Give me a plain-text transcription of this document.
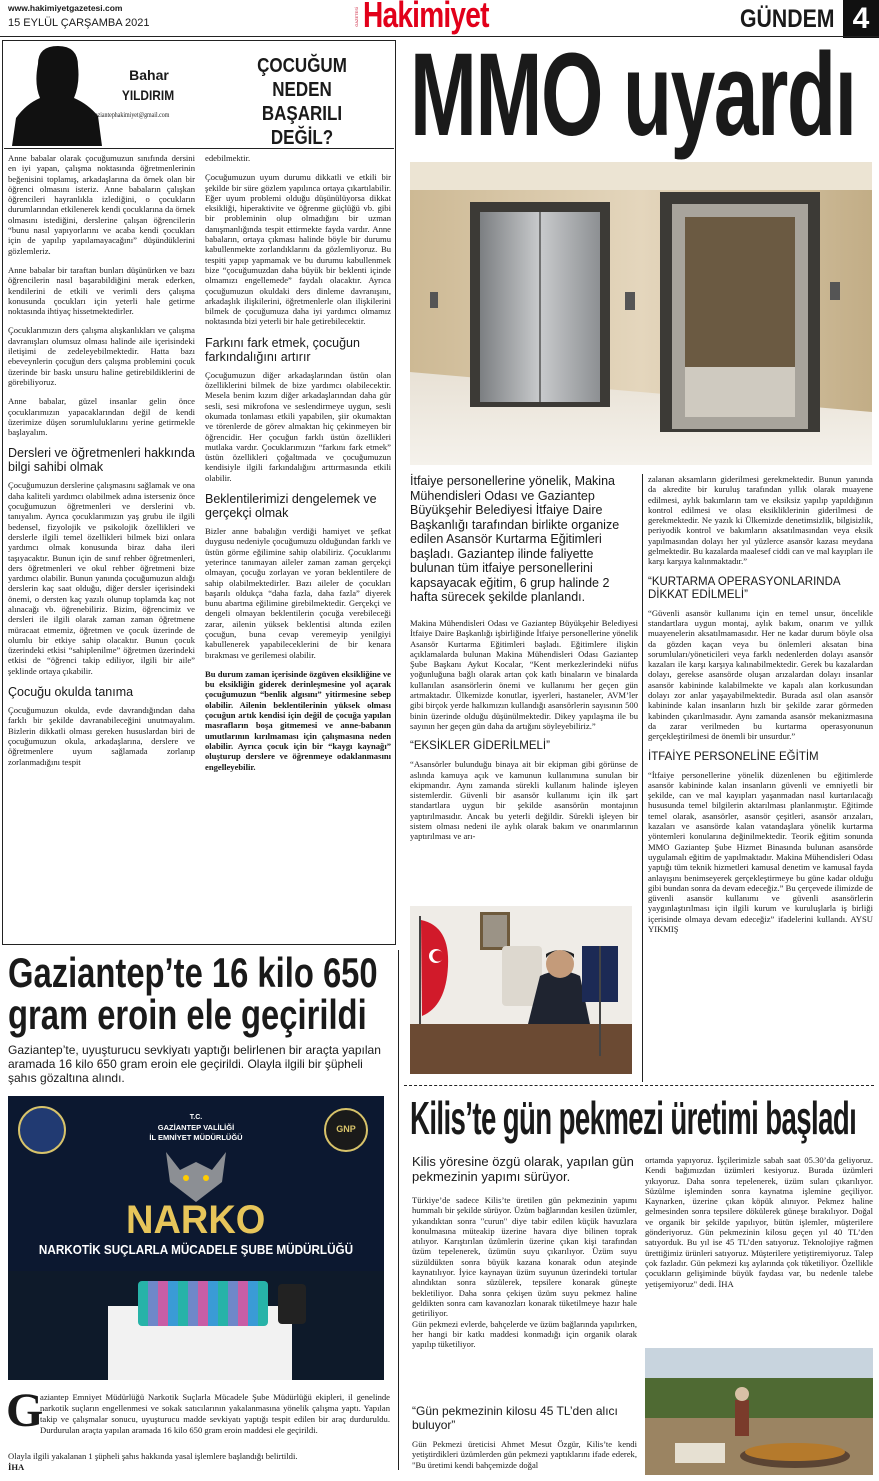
www.hakimiyetgazetesi.com
15 EYLÜL ÇARŞAMBA 2021	GAZETESİ Hakimiyet	GÜNDEM 4
Bahar
YILDIRIM
gaziantephakimiyet@gmail.com
ÇOCUĞUM NEDEN BAŞARILI DEĞİL?

Anne babalar olarak çocuğumuzun sınıfında dersini en iyi yapan, çalışma noktasında öğretmenlerinin beğenisini toplamış, arkadaşlarına da örnek olan bir öğrenci olmasını isteriz. Anne babaların çalışkan öğrencileri hayranlıkla izlediğini, o çocukların durumlarından etkilenerek kendi çocuklarına da örnek olmasını istediğini, derslerine çalışan öğrencilerin “bunu nasıl yapıyorlarını ve acaba kendi çocukları için de yapılıp yapılamayacağını” düşündüklerini gözlemleriz.

Anne babalar bir taraftan bunları düşünürken ve bazı öğrencilerin nasıl başarabildiğini merak ederken, kendilerini de etkili ve verimli ders çalışma konusunda çocukları için yeterli hale getirme noktasında ihtiyaç hissetmektedirler.

Çocuklarımızın ders çalışma alışkanlıkları ve çalışma davranışları olumsuz olması halinde aile içerisindeki iletişimi de zedeleyebilmektedir. Hatta bazı ebeveynlerin çocuğun ders çalışma problemini çocuk üzerinde bir baskı unsuru haline getirebildiklerini de görebiliyoruz.

Anne babalar, güzel insanlar gelin önce çocuklarımızın yapacaklarından değil de kendi üzerimize düşen sorumluluklarını yerine getirmekle başlayalım.

Dersleri ve öğretmenleri hakkında bilgi sahibi olmak

Çocuğumuzun derslerine çalışmasını sağlamak ve ona daha kaliteli yardımcı olabilmek adına isterseniz önce çocuğumuzun öğretmenleri ve derslerini vb. tanıyalım. Ayrıca çocuklarımızın yaş grubu ile ilgili bedensel, fizyolojik ve psikolojik özellikleri ve derslerle ilgili temel özellikleri bilmek bizi onlara yardımcı olmak konusunda biraz daha ileri taşıyacaktır. Bunun için de sınıf rehber öğretmenleri, ders öğretmenleri ve okul rehber öğretmeni bize yardımcı olabilir. Bunun yanında çocuğumuzun aldığı derslerin kaç saat olduğu, diğer dersler içerisindeki önemi, o dersten kaç yazılı olunup toplamda kaç not alınacağı vb. öğrenebiliriz. Bizim, öğrencimiz ve dersleri ile ilgili olarak zaman zaman öğretmene müracaat etmemiz, öğretmen ve çocuk üzerinde de olumlu bir etkiye sahip olacaktır. Bunun çocuk üzerindeki etkisi “sahiplenilme” öğretmen üzerindeki etkisi de “öğrenci takip ediliyor, ilgili bir aile” şeklinde ortaya çıkabilir.

Çocuğu okulda tanıma

Çocuğumuzun okulda, evde davrandığından daha farklı bir şekilde davranabileceğini unutmayalım. Bizlerin dikkatli olması gereken hususlardan biri de çocuğumuzun okula, arkadaşlarına, derslere ve öğretmenlere uyum sağlamada zorlanıp zorlanmadığını tespit

edebilmektir.

Çocuğumuzun uyum durumu dikkatli ve etkili bir şekilde bir süre gözlem yapılınca ortaya çıkartılabilir. Eğer uyum problemi olduğu düşünülüyorsa dikkat eksikliği, hiperaktivite ve öğrenme güçlüğü vb. gibi bir probleminin olup olmadığını bir uzman danışmanlığında tespit ettirmekte fayda vardır. Anne babaların, ortaya çıkması halinde böyle bir durumu kabullenmekte zorlandıklarını da gözlemliyoruz. Bu tespiti yapıp yapmamak ve bu durumu kabullenmek bize “çocuğumuzdan daha büyük bir beklenti içinde olmamızı engellemede” faydalı olacaktır. Ayrıca çocuğumuzun okuldaki ders dinleme davranışını, arkadaşlık ilişkilerini, öğretmenlerle olan ilişkilerini bilmek de çocuğumuza daha iyi yardımcı olmamız noktasında bizi yeterli bir hale getirebilecektir.

Farkını fark etmek, çocuğun farkındalığını artırır

Çocuğumuzun diğer arkadaşlarından üstün olan özelliklerini bilmek de bize yardımcı olabilecektir. Mesela benim kızım diğer arkadaşlarından daha gür sesli, sesi mikrofona ve seslendirmeye uygun, sesli okumada tonlaması etkili yapabilen, şiir okumaktan ve törenlerde de görev almaktan hiç çekinmeyen bir öğrencidir. Her çocuğun farklı üstün özellikleri mutlaka vardır. Çocuklarımızın “farkını fark etmek” üstün özellikleri çoğaltmada ve çocuğumuzun kendisiyle ilgili farkındalığını arttırmasında etkili olabilir.

Beklentilerimizi dengelemek ve gerçekçi olmak

Bizler anne babalığın verdiği hamiyet ve şefkat duygusu nedeniyle çocuğumuzu olduğundan farklı ve üstün görme eğilimine sahip olabiliriz. Çocuklarımı yeterince tanımayan aileler zaman zaman gerçekçi olmayan, çocuğu zorlayan ve yoran beklentilere de sahip olabilmektedirler. Bazı aileler de çocukları başarılı oldukça “daha fazla, daha fazla” diyerek bunu abartma eğilimine girebilmektedir. Gerçekçi ve dengeli olmayan beklentilerin çocuğa verebileceği zarar, ailenin yüksek beklentisi altında ezilen çocuğun, buna cevap veremeyip yenilgiyi kabullenerek yapabileceklerini de bir kenara bırakması ve gerilemesi olabilir.

Bu durum zaman içerisinde özgüven eksikliğine ve bu eksikliğin giderek derinleşmesine yol açarak çocuğumuzun “benlik algısını” yitirmesine sebep olabilir. Ailenin beklentilerinin yüksek olması çocuğun artık kendisi için değil de çocuğa yapılan masrafların boşa gitmemesi ve anne-babanın umutlarının kırılmaması için çalışmasına neden olabilir. Ayrıca çocuk için bir “kaygı kaynağı” oluşturup derslere ve öğrenmeye odaklanmasını engelleyebilir.

MMO uyardı
İtfaiye personellerine yönelik, Makina Mühendisleri Odası ve Gaziantep Büyükşehir Belediyesi İtfaiye Daire Başkanlığı tarafından birlikte organize edilen Asansör Kurtarma Eğitimleri başladı. Gaziantep ilinde faliyette bulunan tüm itfaiye personellerini kapsayacak eğitim, 6 grup halinde 2 hafta sürecek şekilde planlandı.

Makina Mühendisleri Odası ve Gaziantep Büyükşehir Belediyesi İtfaiye Daire Başkanlığı işbirliğinde İtfaiye personellerine yönelik Asansör Kurtarma Eğitimleri başladı. Eğitimlere ilişkin açıklamalarda bulunan Makina Mühendisleri Odası Gaziantep Şube Başkanı Aykut Kocalar, “Kent merkezlerindeki nüfus yoğunluğuna bağlı olarak artan çok katlı binaların ve binalarda kullanılan asansörlerin önemi ve kullanımı her geçen gün artmaktadır. Ülkemizde konutlar, işyerleri, hastaneler, AVM’ler gibi birçok yerde halkımızın kullandığı asansörlerin sayısının 500 binin üzerinde olduğu düşünülmektedir. Dikey yapılaşma ile bu sayının her geçen gün daha da artığını söyleyebiliriz.”

“EKSİKLER GİDERİLMELİ”

“Asansörler bulunduğu binaya ait bir ekipman gibi görünse de aslında kamuya açık ve kamunun kullanımına sunulan bir ekipmandır. Aynı zamanda sürekli kullanım halinde işleyen sistemlerdir. Güvenli bir asansör kullanımı için ilk şart standartlara uygun bir şekilde asansörün montajının yaptırılmasıdır. Ancak bu yeterli değildir. Sürekli işleyen bir sistem olması nedeni ile aylık olarak bakım ve onarımlarının yaptırılması ve arı-

zalanan aksamların giderilmesi gerekmektedir. Bunun yanında da akredite bir kuruluş tarafından yıllık olarak muayene edilmesi, aylık bakımların tam ve eksiksiz yapılıp yapıldığının kontrol edilmesi ve olası eksikliklerinin giderilmesi de gerekmektedir. Ne yazık ki Ülkemizde denetimsizlik, bilgisizlik, periyodik kontrol ve bakımların aksatılmasından veya eksik yapılmasından dolayı her yıl yüzlerce asansör kazası meydana gelmektedir. Bu kazalarda maalesef ciddi can ve mal kayıpları ile karşı karşıya kalınmaktadır.”

“KURTARMA OPERASYONLARINDA DİKKAT EDİLMELİ”

“Güvenli asansör kullanımı için en temel unsur, öncelikle standartlara uygun montaj, aylık bakım, onarım ve yıllık muayenelerin aksatılmamasıdır. Her ne kadar durum böyle olsa da gözden kaçan veya bu önlemleri aksatan bina sorumluları/yöneticileri veya farklı nedenlerden dolayı asansör kazaları ile karşı karşıya kalınabilmektedir. Gerek bu kazalardan dolayı, gerekse asansörde oluşan arızalardan dolayı insanlar asansör kabininde kalabilmekte ve kapalı alan korkusundan dolayı zor anlar yaşayabilmektedir. Burada asıl olan asansör kabininde kalan insanların hızlı bir şekilde zarar görmeden kabinden çıkarılmasıdır. Aynı zamanda asansör mekanizmasına da zarar verilmeden bu kurtarma operasyonunun gerçekleştirilmesi de önemli bir unsurdur.”

İTFAİYE PERSONELİNE EĞİTİM

“İtfaiye personellerine yönelik düzenlenen bu eğitimlerde asansör kabininde kalan insanların güvenli ve emniyetli bir şekilde, can ve mal kayıpları yaşanmadan nasıl kurtarılacağı hususunda temel bilgilerin aktarılması planlanmıştır. Eğitimde temel olarak, asansörler, asansör çeşitleri, asansör arızaları, kazaları ve asansörde kalan vatandaşlara yönelik kurtarma yöntemleri konularına değinilmektedir. Teorik eğitim sonunda MMO Gaziantep Şube Hizmet Binasında bulunan asansörde uygulamalı eğitim de yapılmaktadır. Makina Mühendisleri Odası yaptığı tüm teknik hizmetleri kamusal denetim ve kamusal fayda anlayışını benimseyerek gerçekleştirmeye bu güne kadar olduğu gibi bundan sonra da devam edeceğiz.” Bu çerçevede ilimizde de güvenli asansör kullanımı ve güvenli asansörlerin yaygınlaştırılması için ilgili kurum ve kuruluşlarla iş birliği içerisinde olmaya devam edeceğiz” ifadelerini kullandı. AYSU YIKMIŞ

Gaziantep’te 16 kilo 650
gram eroin ele geçirildi
Gaziantep’te, uyuşturucu sevkiyatı yaptığı belirlenen bir araçta yapılan aramada 16 kilo 650 gram eroin ele geçirildi. Olayla ilgili bir şüpheli şahıs gözaltına alındı.
GNP
T.C.
GAZİANTEP VALİLİĞİ
İL EMNİYET MÜDÜRLÜĞÜ
NARKO
NARKOTİK SUÇLARLA MÜCADELE ŞUBE MÜDÜRLÜĞÜ
G
aziantep Emniyet Müdürlüğü Narkotik Suçlarla Mücadele Şube Müdürlüğü ekipleri, il genelinde narkotik suçların engellenmesi ve sokak satıcılarının yakalanmasına yönelik çalışma yaptı. Yapılan takip ve çalışmalar sonucu, uyuşturucu madde sevkiyatı yaptığı tespit edilen bir araç durduruldu. Durdurulan araçta yapılan aramada 16 kilo 650 gram eroin maddesi ele geçirildi.
Olayla ilgili yakalanan 1 şüpheli şahıs hakkında yasal işlemlere başlandığı belirtildi.
İHA
Kilis’te gün pekmezi üretimi başladı
Kilis yöresine özgü olarak, yapılan gün pekmezinin yapımı sürüyor.
Türkiye’de sadece Kilis’te üretilen gün pekmezinin yapımı hummalı bir şekilde sürüyor. Üzüm bağlarından kesilen üzümler, yıkandıktan sonra "curun" diye tabir edilen küçük havuzlara konulmasına müteakip üzerine havara diye bilinen toprak atılıyor. Karıştırılan üzümlerin üzerine çıkan kişi tarafından üzüm tepelenerek, üzümün suyu çıkarılıyor. Üzüm suyu süzüldükten sonra büyük kazana konarak odun ateşinde kaynatılıyor. İyice kaynayan üzüm suyunun üzerindeki tortular alındıktan sonra süzülerek, tepsilere konarak güneşte bekletiliyor. Daha sonra çekişen üzüm suyu pekmez haline geldikten sonra cam kavanozları konarak tüketilmeye hazır hale getiriliyor.
Gün pekmezi evlerde, bahçelerde ve üzüm bağlarında yapılırken, her hangi bir katkı maddesi konmadığı için organik olarak yapılıp tüketiliyor.
“Gün pekmezinin kilosu 45 TL’den alıcı buluyor”
Gün Pekmezi üreticisi Ahmet Mesut Özgür, Kilis’te kendi yetiştirdikleri üzümlerden gün pekmezi yaptıklarını ifade ederek, "Bu üretimi kendi bahçemizde doğal
ortamda yapıyoruz. İşçilerimizle sabah saat 05.30’da geliyoruz. Kendi bağımızdan üzümleri kesiyoruz. Burada üzümleri yıkıyoruz. Daha sonra tepelenerek, üzüm suları çıkarılıyor. Süzülme işleminden sonra kaynatma işlemine geçiliyor. Kaynarken, üzerine çıkan köpük alınıyor. Pekmez haline gelmesinden sonra tepsilere dökülerek güneşe bırakılıyor. Doğal ve organik bir şekilde yapılıyor, bütün işlemler, müşterilere gönderiyoruz. Gün pekmezinin kilosu geçen yıl 40 TL’den satıyorduk. Bu yıl ise 45 TL’den satıyoruz. Teknolojiye rağmen ürettiğimiz ürünleri satıyoruz. Müşterilere yetiştiremiyoruz. Talep çok fazladır. Gün pekmezi kış aylarında çok tüketiliyor. Özellikle çocukların gelişiminde büyük faydası var, bu nedenle talebe yetişemiyoruz" dedi. İHA
